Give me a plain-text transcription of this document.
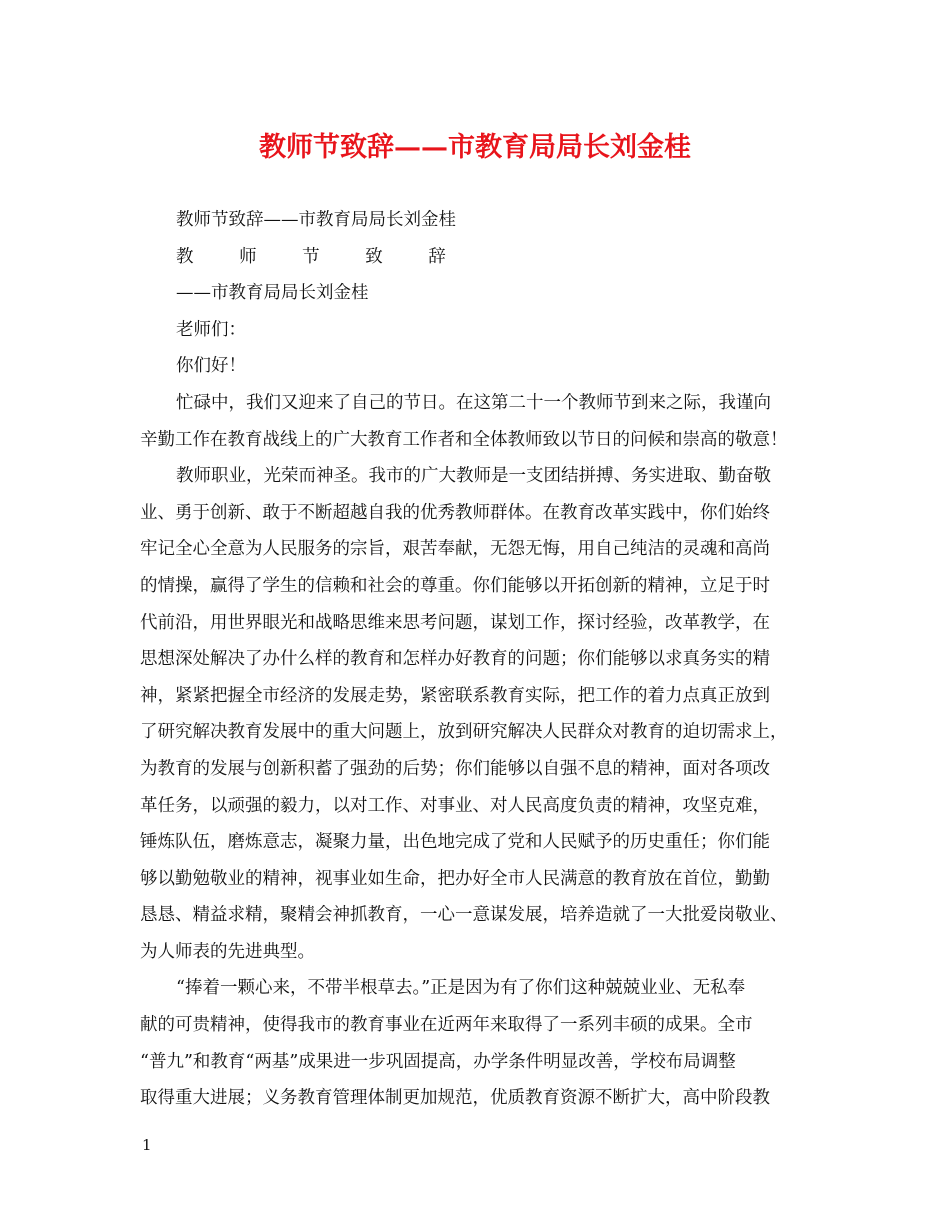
教师节致辞——市教育局局长刘金桂
教师节致辞——市教育局局长刘金桂
教 师 节 致 辞
——市教育局局长刘金桂
老师们：
你们好！
忙碌中，我们又迎来了自己的节日。在这第二十一个教师节到来之际，我谨向
辛勤工作在教育战线上的广大教育工作者和全体教师致以节日的问候和崇高的敬意！
教师职业，光荣而神圣。我市的广大教师是一支团结拼搏、务实进取、勤奋敬
业、勇于创新、敢于不断超越自我的优秀教师群体。在教育改革实践中，你们始终
牢记全心全意为人民服务的宗旨，艰苦奉献，无怨无悔，用自己纯洁的灵魂和高尚
的情操，赢得了学生的信赖和社会的尊重。你们能够以开拓创新的精神，立足于时
代前沿，用世界眼光和战略思维来思考问题，谋划工作，探讨经验，改革教学，在
思想深处解决了办什么样的教育和怎样办好教育的问题；你们能够以求真务实的精
神，紧紧把握全市经济的发展走势，紧密联系教育实际，把工作的着力点真正放到
了研究解决教育发展中的重大问题上，放到研究解决人民群众对教育的迫切需求上，
为教育的发展与创新积蓄了强劲的后势；你们能够以自强不息的精神，面对各项改
革任务，以顽强的毅力，以对工作、对事业、对人民高度负责的精神，攻坚克难，
锤炼队伍，磨炼意志，凝聚力量，出色地完成了党和人民赋予的历史重任；你们能
够以勤勉敬业的精神，视事业如生命，把办好全市人民满意的教育放在首位，勤勤
恳恳、精益求精，聚精会神抓教育，一心一意谋发展，培养造就了一大批爱岗敬业、
为人师表的先进典型。
“捧着一颗心来，不带半根草去。”正是因为有了你们这种兢兢业业、无私奉
献的可贵精神，使得我市的教育事业在近两年来取得了一系列丰硕的成果。全市
“普九”和教育“两基”成果进一步巩固提高，办学条件明显改善，学校布局调整
取得重大进展；义务教育管理体制更加规范，优质教育资源不断扩大，高中阶段教
1
